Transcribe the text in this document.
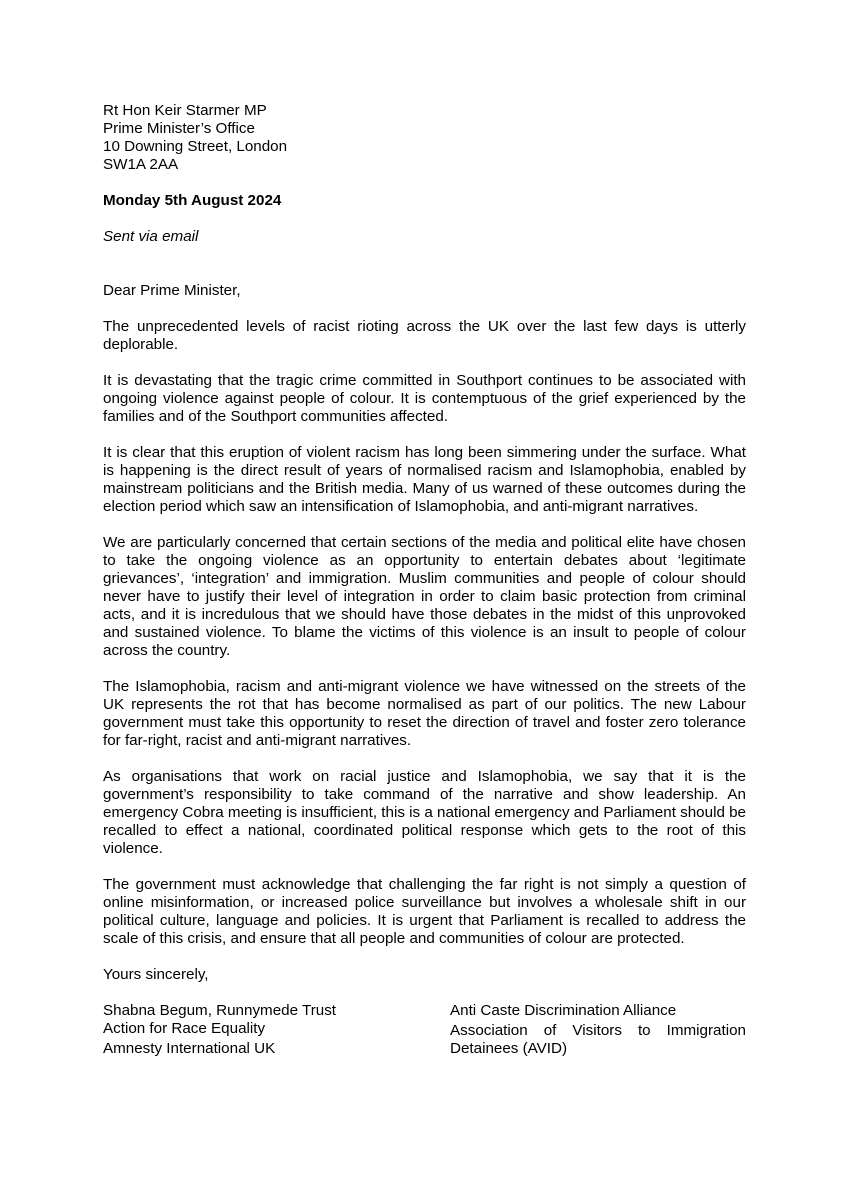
Rt Hon Keir Starmer MP
Prime Minister’s Office
10 Downing Street, London
SW1A 2AA
Monday 5th August 2024
Sent via email
Dear Prime Minister,

The unprecedented levels of racist rioting across the UK over the last few days is utterly deplorable.

It is devastating that the tragic crime committed in Southport continues to be associated with ongoing violence against people of colour. It is contemptuous of the grief experienced by the families and of the Southport communities affected.

It is clear that this eruption of violent racism has long been simmering under the surface. What is happening is the direct result of years of normalised racism and Islamophobia, enabled by mainstream politicians and the British media. Many of us warned of these outcomes during the election period which saw an intensification of Islamophobia, and anti-migrant narratives.

We are particularly concerned that certain sections of the media and political elite have chosen to take the ongoing violence as an opportunity to entertain debates about ‘legitimate grievances’, ‘integration’ and immigration. Muslim communities and people of colour should never have to justify their level of integration in order to claim basic protection from criminal acts, and it is incredulous that we should have those debates in the midst of this unprovoked and sustained violence. To blame the victims of this violence is an insult to people of colour across the country.

The Islamophobia, racism and anti-migrant violence we have witnessed on the streets of the UK represents the rot that has become normalised as part of our politics. The new Labour government must take this opportunity to reset the direction of travel and foster zero tolerance for far-right, racist and anti-migrant narratives.

As organisations that work on racial justice and Islamophobia, we say that it is the government’s responsibility to take command of the narrative and show leadership. An emergency Cobra meeting is insufficient, this is a national emergency and Parliament should be recalled to effect a national, coordinated political response which gets to the root of this violence.

The government must acknowledge that challenging the far right is not simply a question of online misinformation, or increased police surveillance but involves a wholesale shift in our political culture, language and policies. It is urgent that Parliament is recalled to address the scale of this crisis, and ensure that all people and communities of colour are protected.

Yours sincerely,
Shabna Begum, Runnymede Trust
Action for Race Equality
Amnesty International UK
Anti Caste Discrimination Alliance
Association of Visitors to Immigration Detainees (AVID)
